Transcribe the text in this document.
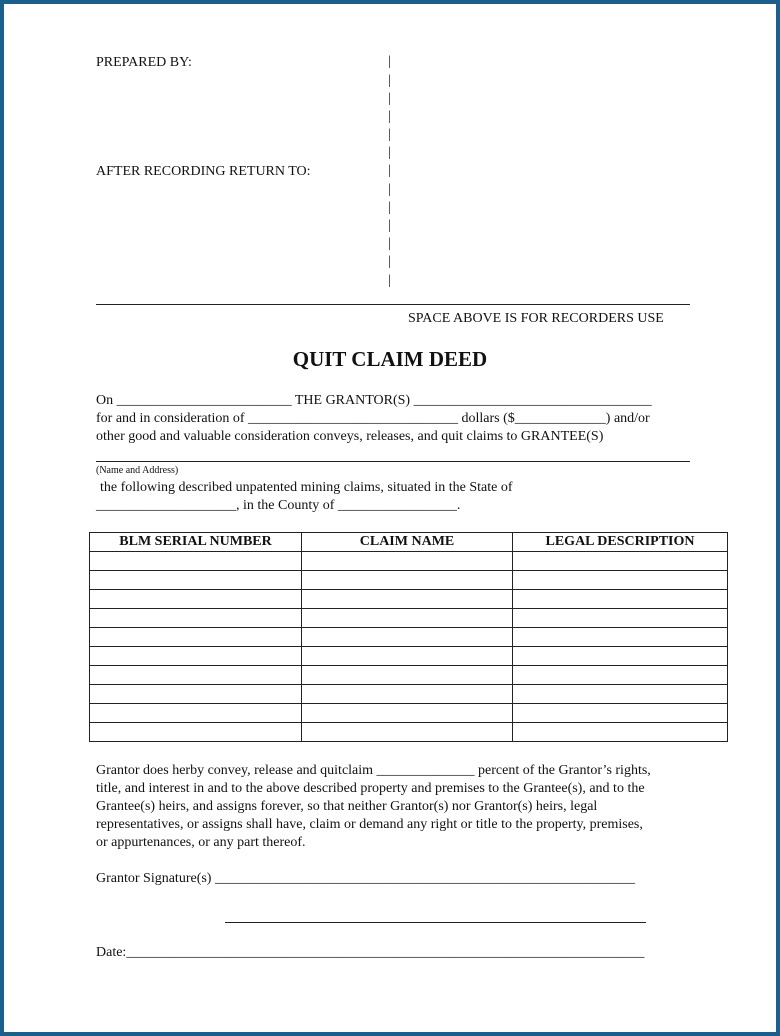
PREPARED BY:
AFTER RECORDING RETURN TO:
|
|
|
|
|
|
|
|
|
|
|
|
|
SPACE ABOVE IS FOR RECORDERS USE
QUIT CLAIM DEED
On _________________________ THE GRANTOR(S) __________________________________
for and in consideration of ______________________________ dollars ($_____________) and/or
other good and valuable consideration conveys, releases, and quit claims to GRANTEE(S)
(Name and Address)
the following described unpatented mining claims, situated in the State of
____________________, in the County of _________________.
BLM SERIAL NUMBER	CLAIM NAME	LEGAL DESCRIPTION

Grantor does herby convey, release and quitclaim ______________ percent of the Grantor’s rights,
title, and interest in and to the above described property and premises to the Grantee(s), and to the
Grantee(s) heirs, and assigns forever, so that neither Grantor(s) nor Grantor(s) heirs, legal
representatives, or assigns shall have, claim or demand any right or title to the property, premises,
or appurtenances, or any part thereof.
Grantor Signature(s) ____________________________________________________________
Date:__________________________________________________________________________
